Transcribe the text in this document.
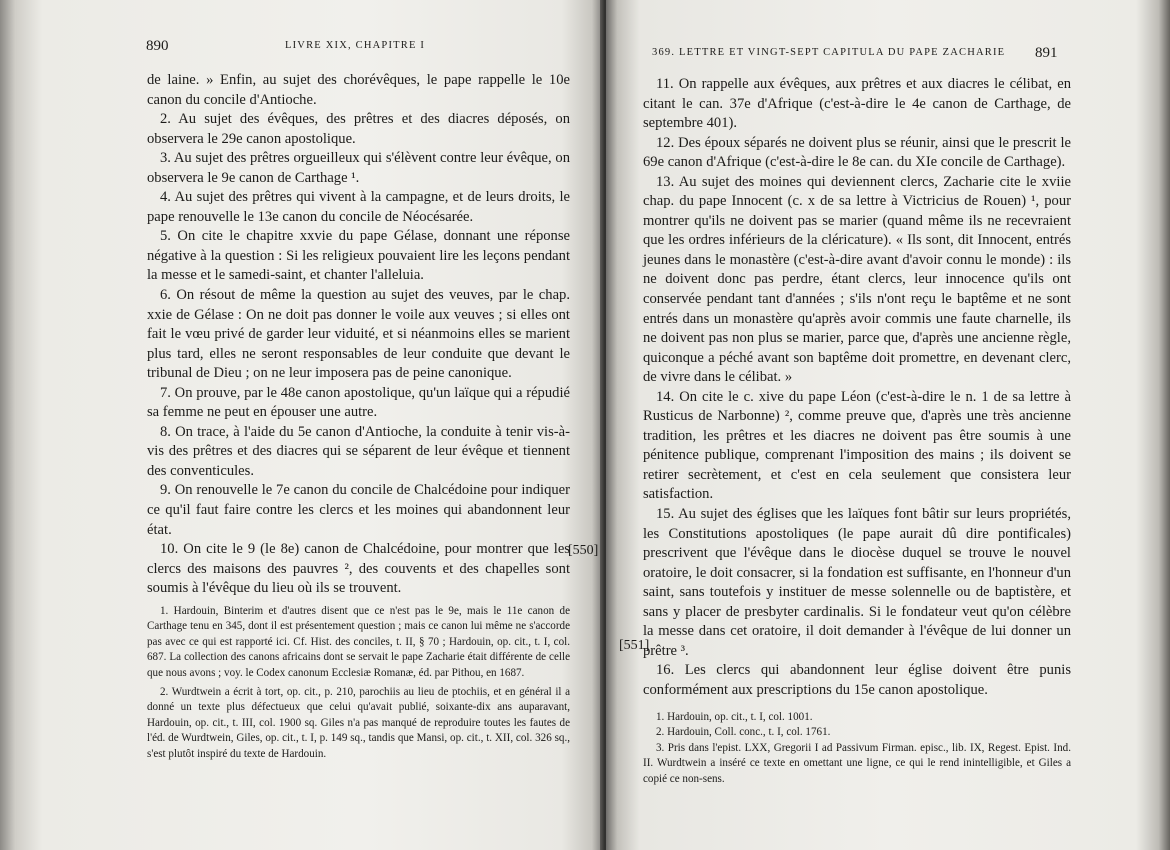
890	LIVRE XIX, CHAPITRE I

de laine. » Enfin, au sujet des chorévêques, le pape rappelle le 10e canon du concile d'Antioche.

2. Au sujet des évêques, des prêtres et des diacres déposés, on observera le 29e canon apostolique.

3. Au sujet des prêtres orgueilleux qui s'élèvent contre leur évêque, on observera le 9e canon de Carthage ¹.

4. Au sujet des prêtres qui vivent à la campagne, et de leurs droits, le pape renouvelle le 13e canon du concile de Néocésarée.

5. On cite le chapitre xxvie du pape Gélase, donnant une réponse négative à la question : Si les religieux pouvaient lire les leçons pendant la messe et le samedi-saint, et chanter l'alleluia.

6. On résout de même la question au sujet des veuves, par le chap. xxie de Gélase : On ne doit pas donner le voile aux veuves ; si elles ont fait le vœu privé de garder leur viduité, et si néanmoins elles se marient plus tard, elles ne seront responsables de leur conduite que devant le tribunal de Dieu ; on ne leur imposera pas de peine canonique.

7. On prouve, par le 48e canon apostolique, qu'un laïque qui a répudié sa femme ne peut en épouser une autre.

8. On trace, à l'aide du 5e canon d'Antioche, la conduite à tenir vis-à-vis des prêtres et des diacres qui se séparent de leur évêque et tiennent des conventicules.

9. On renouvelle le 7e canon du concile de Chalcédoine pour indiquer ce qu'il faut faire contre les clercs et les moines qui abandonnent leur état.

10. On cite le 9 (le 8e) canon de Chalcédoine, pour montrer que les clercs des maisons des pauvres ², des couvents et des chapelles sont soumis à l'évêque du lieu où ils se trouvent.

[550]

1. Hardouin, Binterim et d'autres disent que ce n'est pas le 9e, mais le 11e canon de Carthage tenu en 345, dont il est présentement question ; mais ce canon lui même ne s'accorde pas avec ce qui est rapporté ici. Cf. Hist. des conciles, t. II, § 70 ; Hardouin, op. cit., t. I, col. 687. La collection des canons africains dont se servait le pape Zacharie était différente de celle que nous avons ; voy. le Codex canonum Ecclesiæ Romanæ, éd. par Pithou, en 1687.

2. Wurdtwein a écrit à tort, op. cit., p. 210, parochiis au lieu de ptochiis, et en général il a donné un texte plus défectueux que celui qu'avait publié, soixante-dix ans auparavant, Hardouin, op. cit., t. III, col. 1900 sq. Giles n'a pas manqué de reproduire toutes les fautes de l'éd. de Wurdtwein, Giles, op. cit., t. I, p. 149 sq., tandis que Mansi, op. cit., t. XII, col. 326 sq., s'est plutôt inspiré du texte de Hardouin.

369. LETTRE ET VINGT-SEPT CAPITULA DU PAPE ZACHARIE 891

11. On rappelle aux évêques, aux prêtres et aux diacres le célibat, en citant le can. 37e d'Afrique (c'est-à-dire le 4e canon de Carthage, de septembre 401).

12. Des époux séparés ne doivent plus se réunir, ainsi que le prescrit le 69e canon d'Afrique (c'est-à-dire le 8e can. du XIe concile de Carthage).

13. Au sujet des moines qui deviennent clercs, Zacharie cite le xviie chap. du pape Innocent (c. x de sa lettre à Victricius de Rouen) ¹, pour montrer qu'ils ne doivent pas se marier (quand même ils ne recevraient que les ordres inférieurs de la cléricature). « Ils sont, dit Innocent, entrés jeunes dans le monastère (c'est-à-dire avant d'avoir connu le monde) : ils ne doivent donc pas perdre, étant clercs, leur innocence qu'ils ont conservée pendant tant d'années ; s'ils n'ont reçu le baptême et ne sont entrés dans un monastère qu'après avoir commis une faute charnelle, ils ne doivent pas non plus se marier, parce que, d'après une ancienne règle, quiconque a péché avant son baptême doit promettre, en devenant clerc, de vivre dans le célibat. »

14. On cite le c. xive du pape Léon (c'est-à-dire le n. 1 de sa lettre à Rusticus de Narbonne) ², comme preuve que, d'après une très ancienne tradition, les prêtres et les diacres ne doivent pas être soumis à une pénitence publique, comprenant l'imposition des mains ; ils doivent se retirer secrètement, et c'est en cela seulement que consistera leur satisfaction.

15. Au sujet des églises que les laïques font bâtir sur leurs propriétés, les Constitutions apostoliques (le pape aurait dû dire pontificales) prescrivent que l'évêque dans le diocèse duquel se trouve le nouvel oratoire, le doit consacrer, si la fondation est suffisante, en l'honneur d'un saint, sans toutefois y instituer de messe solennelle ou de baptistère, et sans y placer de presbyter cardinalis. Si le fondateur veut qu'on célèbre la messe dans cet oratoire, il doit demander à l'évêque de lui donner un prêtre ³.

16. Les clercs qui abandonnent leur église doivent être punis conformément aux prescriptions du 15e canon apostolique.

[551]

1. Hardouin, op. cit., t. I, col. 1001.

2. Hardouin, Coll. conc., t. I, col. 1761.

3. Pris dans l'epist. LXX, Gregorii I ad Passivum Firman. episc., lib. IX, Regest. Epist. Ind. II. Wurdtwein a inséré ce texte en omettant une ligne, ce qui le rend inintelligible, et Giles a copié ce non-sens.
